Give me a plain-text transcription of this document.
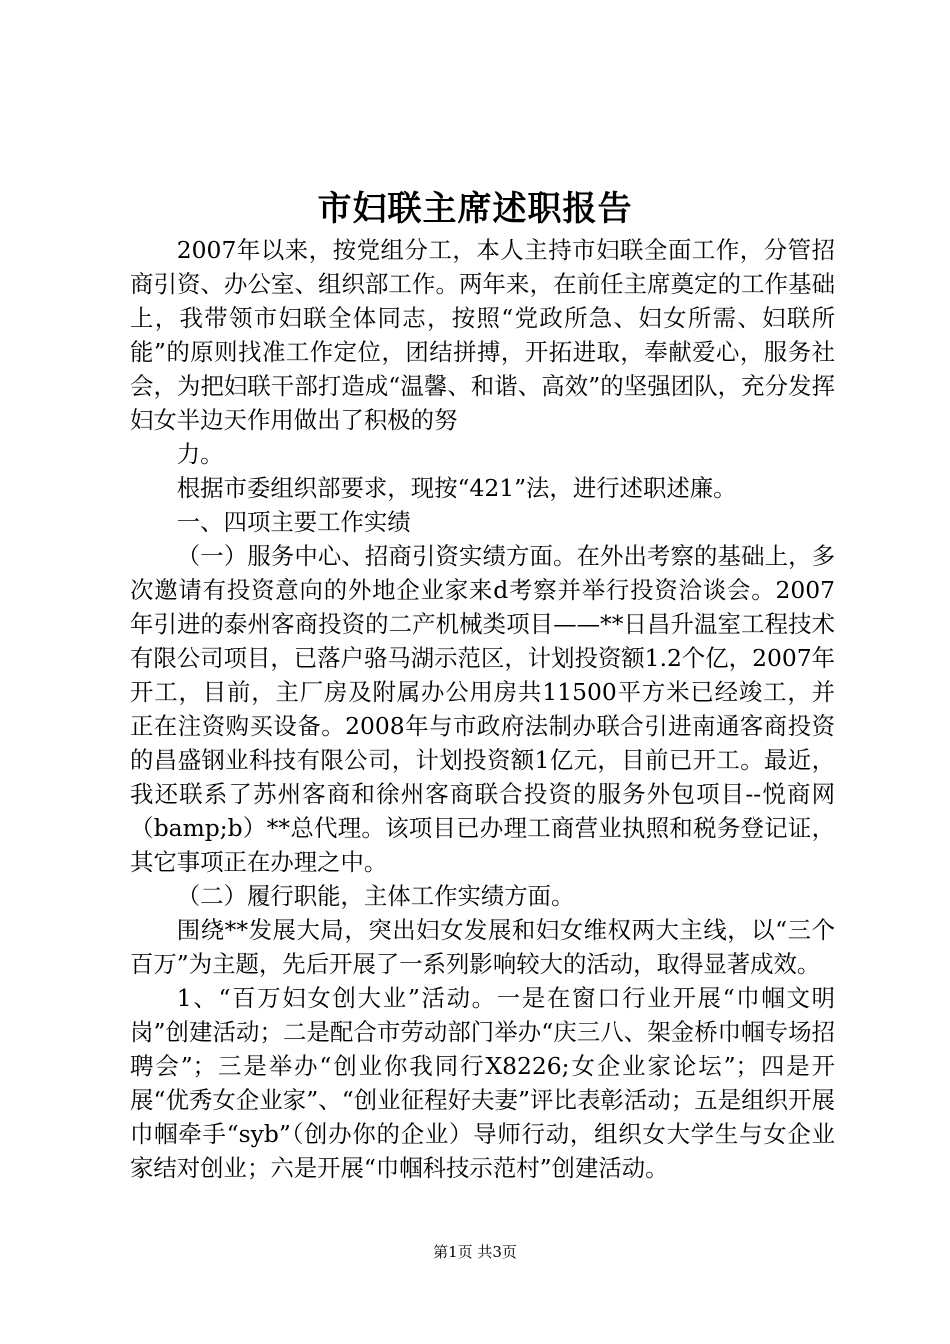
市妇联主席述职报告

2007年以来，按党组分工，本人主持市妇联全面工作，分管招商引资、办公室、组织部工作。两年来，在前任主席奠定的工作基础上，我带领市妇联全体同志，按照“党政所急、妇女所需、妇联所能”的原则找准工作定位，团结拼搏，开拓进取，奉献爱心，服务社会，为把妇联干部打造成“温馨、和谐、高效”的坚强团队，充分发挥妇女半边天作用做出了积极的努

力。

根据市委组织部要求，现按“421”法，进行述职述廉。

一、四项主要工作实绩

（一）服务中心、招商引资实绩方面。在外出考察的基础上，多次邀请有投资意向的外地企业家来d考察并举行投资洽谈会。2007年引进的泰州客商投资的二产机械类项目——**日昌升温室工程技术有限公司项目，已落户骆马湖示范区，计划投资额1.2个亿，2007年开工，目前，主厂房及附属办公用房共11500平方米已经竣工，并正在注资购买设备。2008年与市政府法制办联合引进南通客商投资的昌盛钢业科技有限公司，计划投资额1亿元，目前已开工。最近，我还联系了苏州客商和徐州客商联合投资的服务外包项目--悦商网（bamp;b）**总代理。该项目已办理工商营业执照和税务登记证，其它事项正在办理之中。

（二）履行职能，主体工作实绩方面。

围绕**发展大局，突出妇女发展和妇女维权两大主线，以“三个百万”为主题，先后开展了一系列影响较大的活动，取得显著成效。

1、“百万妇女创大业”活动。一是在窗口行业开展“巾帼文明岗”创建活动；二是配合市劳动部门举办“庆三八、架金桥巾帼专场招聘会”；三是举办“创业你我同行X8226;女企业家论坛”；四是开展“优秀女企业家”、“创业征程好夫妻”评比表彰活动；五是组织开展巾帼牵手“syb”（创办你的企业）导师行动，组织女大学生与女企业家结对创业；六是开展“巾帼科技示范村”创建活动。

第1页 共3页
